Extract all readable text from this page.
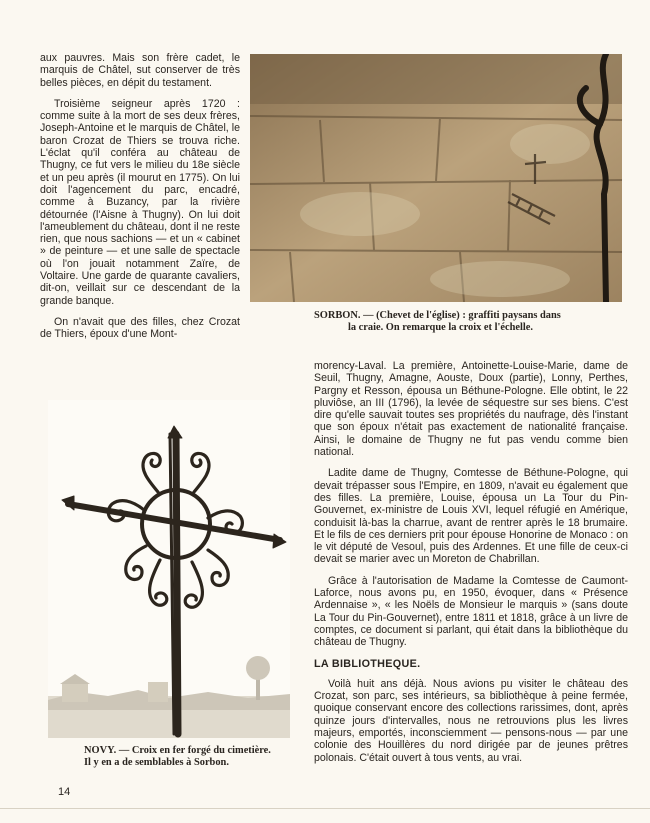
aux pauvres. Mais son frère cadet, le marquis de Châtel, sut conserver de très belles pièces, en dépit du testament.

Troisième seigneur après 1720 : comme suite à la mort de ses deux frères, Joseph-Antoine et le marquis de Châtel, le baron Crozat de Thiers se trouva riche. L'éclat qu'il conféra au château de Thugny, ce fut vers le milieu du 18e siècle et un peu après (il mourut en 1775). On lui doit l'agencement du parc, encadré, comme à Buzancy, par la rivière détournée (l'Aisne à Thugny). On lui doit l'ameublement du château, dont il ne reste rien, que nous sachions — et un « cabinet » de peinture — et une salle de spectacle où l'on jouait notamment Zaïre, de Voltaire. Une garde de quarante cavaliers, dit-on, veillait sur ce descendant de la grande banque.

On n'avait que des filles, chez Crozat de Thiers, époux d'une Mont-

SORBON. — (Chevet de l'église) : graffiti paysans dans
la craie. On remarque la croix et l'échelle.

morency-Laval. La première, Antoinette-Louise-Marie, dame de Seuil, Thugny, Amagne, Aouste, Doux (partie), Lonny, Perthes, Pargny et Resson, épousa un Béthune-Pologne. Elle obtint, le 22 pluviôse, an III (1796), la levée de séquestre sur ses biens. C'est dire qu'elle sauvait toutes ses propriétés du naufrage, dès l'instant que son époux n'était pas exactement de nationalité française. Ainsi, le domaine de Thugny ne fut pas vendu comme bien national.

Ladite dame de Thugny, Comtesse de Béthune-Pologne, qui devait trépasser sous l'Empire, en 1809, n'avait eu également que des filles. La première, Louise, épousa un La Tour du Pin-Gouvernet, ex-ministre de Louis XVI, lequel réfugié en Amérique, conduisit là-bas la charrue, avant de rentrer après le 18 brumaire. Et le fils de ces derniers prit pour épouse Honorine de Monaco : on le vit député de Vesoul, puis des Ardennes. Et une fille de ceux-ci devait se marier avec un Moreton de Chabrillan.

Grâce à l'autorisation de Madame la Comtesse de Caumont-Laforce, nous avons pu, en 1950, évoquer, dans « Présence Ardennaise », « les Noëls de Monsieur le marquis » (sans doute La Tour du Pin-Gouvernet), entre 1811 et 1818, grâce à un livre de comptes, ce document si parlant, qui était dans la bibliothèque du château de Thugny.

LA BIBLIOTHEQUE.

Voilà huit ans déjà. Nous avions pu visiter le château des Crozat, son parc, ses intérieurs, sa bibliothèque à peine fermée, quoique conservant encore des collections rarissimes, dont, après quinze jours d'intervalles, nous ne retrouvions plus les livres majeurs, emportés, inconsciemment — pensons-nous — par une colonie des Houillères du nord dirigée par de jeunes prêtres polonais. C'était ouvert à tous vents, au vrai.

NOVY. — Croix en fer forgé du cimetière.
Il y en a de semblables à Sorbon.
14
